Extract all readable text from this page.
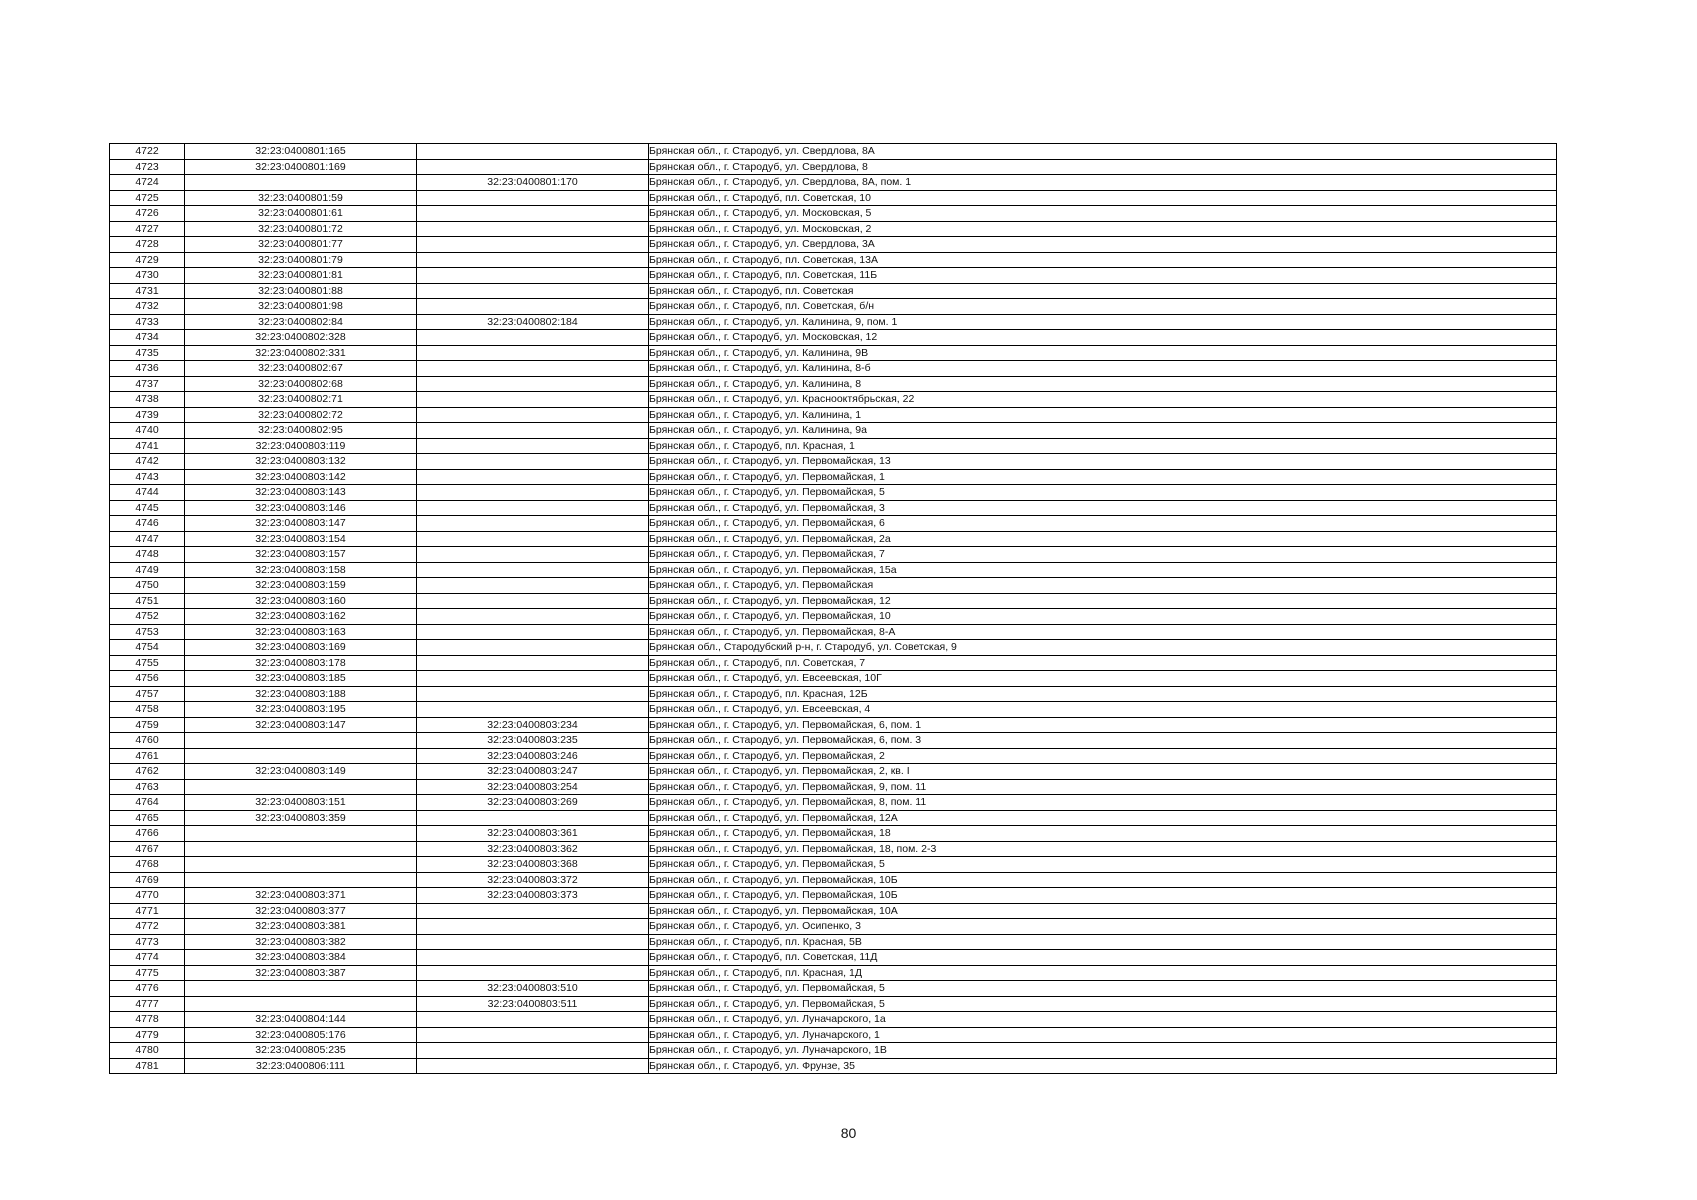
4722	32:23:0400801:165		Брянская обл., г. Стародуб, ул. Свердлова, 8А
4723	32:23:0400801:169		Брянская обл., г. Стародуб, ул. Свердлова, 8
4724		32:23:0400801:170	Брянская обл., г. Стародуб, ул. Свердлова, 8А, пом. 1
4725	32:23:0400801:59		Брянская обл., г. Стародуб, пл. Советская, 10
4726	32:23:0400801:61		Брянская обл., г. Стародуб, ул. Московская, 5
4727	32:23:0400801:72		Брянская обл., г. Стародуб, ул. Московская, 2
4728	32:23:0400801:77		Брянская обл., г. Стародуб, ул. Свердлова, 3А
4729	32:23:0400801:79		Брянская обл., г. Стародуб, пл. Советская, 13А
4730	32:23:0400801:81		Брянская обл., г. Стародуб, пл. Советская, 11Б
4731	32:23:0400801:88		Брянская обл., г. Стародуб, пл. Советская
4732	32:23:0400801:98		Брянская обл., г. Стародуб, пл. Советская, б/н
4733	32:23:0400802:84	32:23:0400802:184	Брянская обл., г. Стародуб, ул. Калинина, 9, пом. 1
4734	32:23:0400802:328		Брянская обл., г. Стародуб, ул. Московская, 12
4735	32:23:0400802:331		Брянская обл., г. Стародуб, ул. Калинина, 9В
4736	32:23:0400802:67		Брянская обл., г. Стародуб, ул. Калинина, 8-б
4737	32:23:0400802:68		Брянская обл., г. Стародуб, ул. Калинина, 8
4738	32:23:0400802:71		Брянская обл., г. Стародуб, ул. Краснооктябрьская, 22
4739	32:23:0400802:72		Брянская обл., г. Стародуб, ул. Калинина, 1
4740	32:23:0400802:95		Брянская обл., г. Стародуб, ул. Калинина, 9а
4741	32:23:0400803:119		Брянская обл., г. Стародуб, пл. Красная, 1
4742	32:23:0400803:132		Брянская обл., г. Стародуб, ул. Первомайская, 13
4743	32:23:0400803:142		Брянская обл., г. Стародуб, ул. Первомайская, 1
4744	32:23:0400803:143		Брянская обл., г. Стародуб, ул. Первомайская, 5
4745	32:23:0400803:146		Брянская обл., г. Стародуб, ул. Первомайская, 3
4746	32:23:0400803:147		Брянская обл., г. Стародуб, ул. Первомайская, 6
4747	32:23:0400803:154		Брянская обл., г. Стародуб, ул. Первомайская, 2а
4748	32:23:0400803:157		Брянская обл., г. Стародуб, ул. Первомайская, 7
4749	32:23:0400803:158		Брянская обл., г. Стародуб, ул. Первомайская, 15а
4750	32:23:0400803:159		Брянская обл., г. Стародуб, ул. Первомайская
4751	32:23:0400803:160		Брянская обл., г. Стародуб, ул. Первомайская, 12
4752	32:23:0400803:162		Брянская обл., г. Стародуб, ул. Первомайская, 10
4753	32:23:0400803:163		Брянская обл., г. Стародуб, ул. Первомайская, 8-А
4754	32:23:0400803:169		Брянская обл., Стародубский р-н, г. Стародуб, ул. Советская, 9
4755	32:23:0400803:178		Брянская обл., г. Стародуб, пл. Советская, 7
4756	32:23:0400803:185		Брянская обл., г. Стародуб, ул. Евсеевская, 10Г
4757	32:23:0400803:188		Брянская обл., г. Стародуб, пл. Красная, 12Б
4758	32:23:0400803:195		Брянская обл., г. Стародуб, ул. Евсеевская, 4
4759	32:23:0400803:147	32:23:0400803:234	Брянская обл., г. Стародуб, ул. Первомайская, 6, пом. 1
4760		32:23:0400803:235	Брянская обл., г. Стародуб, ул. Первомайская, 6, пом. 3
4761		32:23:0400803:246	Брянская обл., г. Стародуб, ул. Первомайская, 2
4762	32:23:0400803:149	32:23:0400803:247	Брянская обл., г. Стародуб, ул. Первомайская, 2, кв. I
4763		32:23:0400803:254	Брянская обл., г. Стародуб, ул. Первомайская, 9, пом. 11
4764	32:23:0400803:151	32:23:0400803:269	Брянская обл., г. Стародуб, ул. Первомайская, 8, пом. 11
4765	32:23:0400803:359		Брянская обл., г. Стародуб, ул. Первомайская, 12А
4766		32:23:0400803:361	Брянская обл., г. Стародуб, ул. Первомайская, 18
4767		32:23:0400803:362	Брянская обл., г. Стародуб, ул. Первомайская, 18, пом. 2-3
4768		32:23:0400803:368	Брянская обл., г. Стародуб, ул. Первомайская, 5
4769		32:23:0400803:372	Брянская обл., г. Стародуб, ул. Первомайская, 10Б
4770	32:23:0400803:371	32:23:0400803:373	Брянская обл., г. Стародуб, ул. Первомайская, 10Б
4771	32:23:0400803:377		Брянская обл., г. Стародуб, ул. Первомайская, 10А
4772	32:23:0400803:381		Брянская обл., г. Стародуб, ул. Осипенко, 3
4773	32:23:0400803:382		Брянская обл., г. Стародуб, пл. Красная, 5В
4774	32:23:0400803:384		Брянская обл., г. Стародуб, пл. Советская, 11Д
4775	32:23:0400803:387		Брянская обл., г. Стародуб, пл. Красная, 1Д
4776		32:23:0400803:510	Брянская обл., г. Стародуб, ул. Первомайская, 5
4777		32:23:0400803:511	Брянская обл., г. Стародуб, ул. Первомайская, 5
4778	32:23:0400804:144		Брянская обл., г. Стародуб, ул. Луначарского, 1а
4779	32:23:0400805:176		Брянская обл., г. Стародуб, ул. Луначарского, 1
4780	32:23:0400805:235		Брянская обл., г. Стародуб, ул. Луначарского, 1В
4781	32:23:0400806:111		Брянская обл., г. Стародуб, ул. Фрунзе, 35
80
